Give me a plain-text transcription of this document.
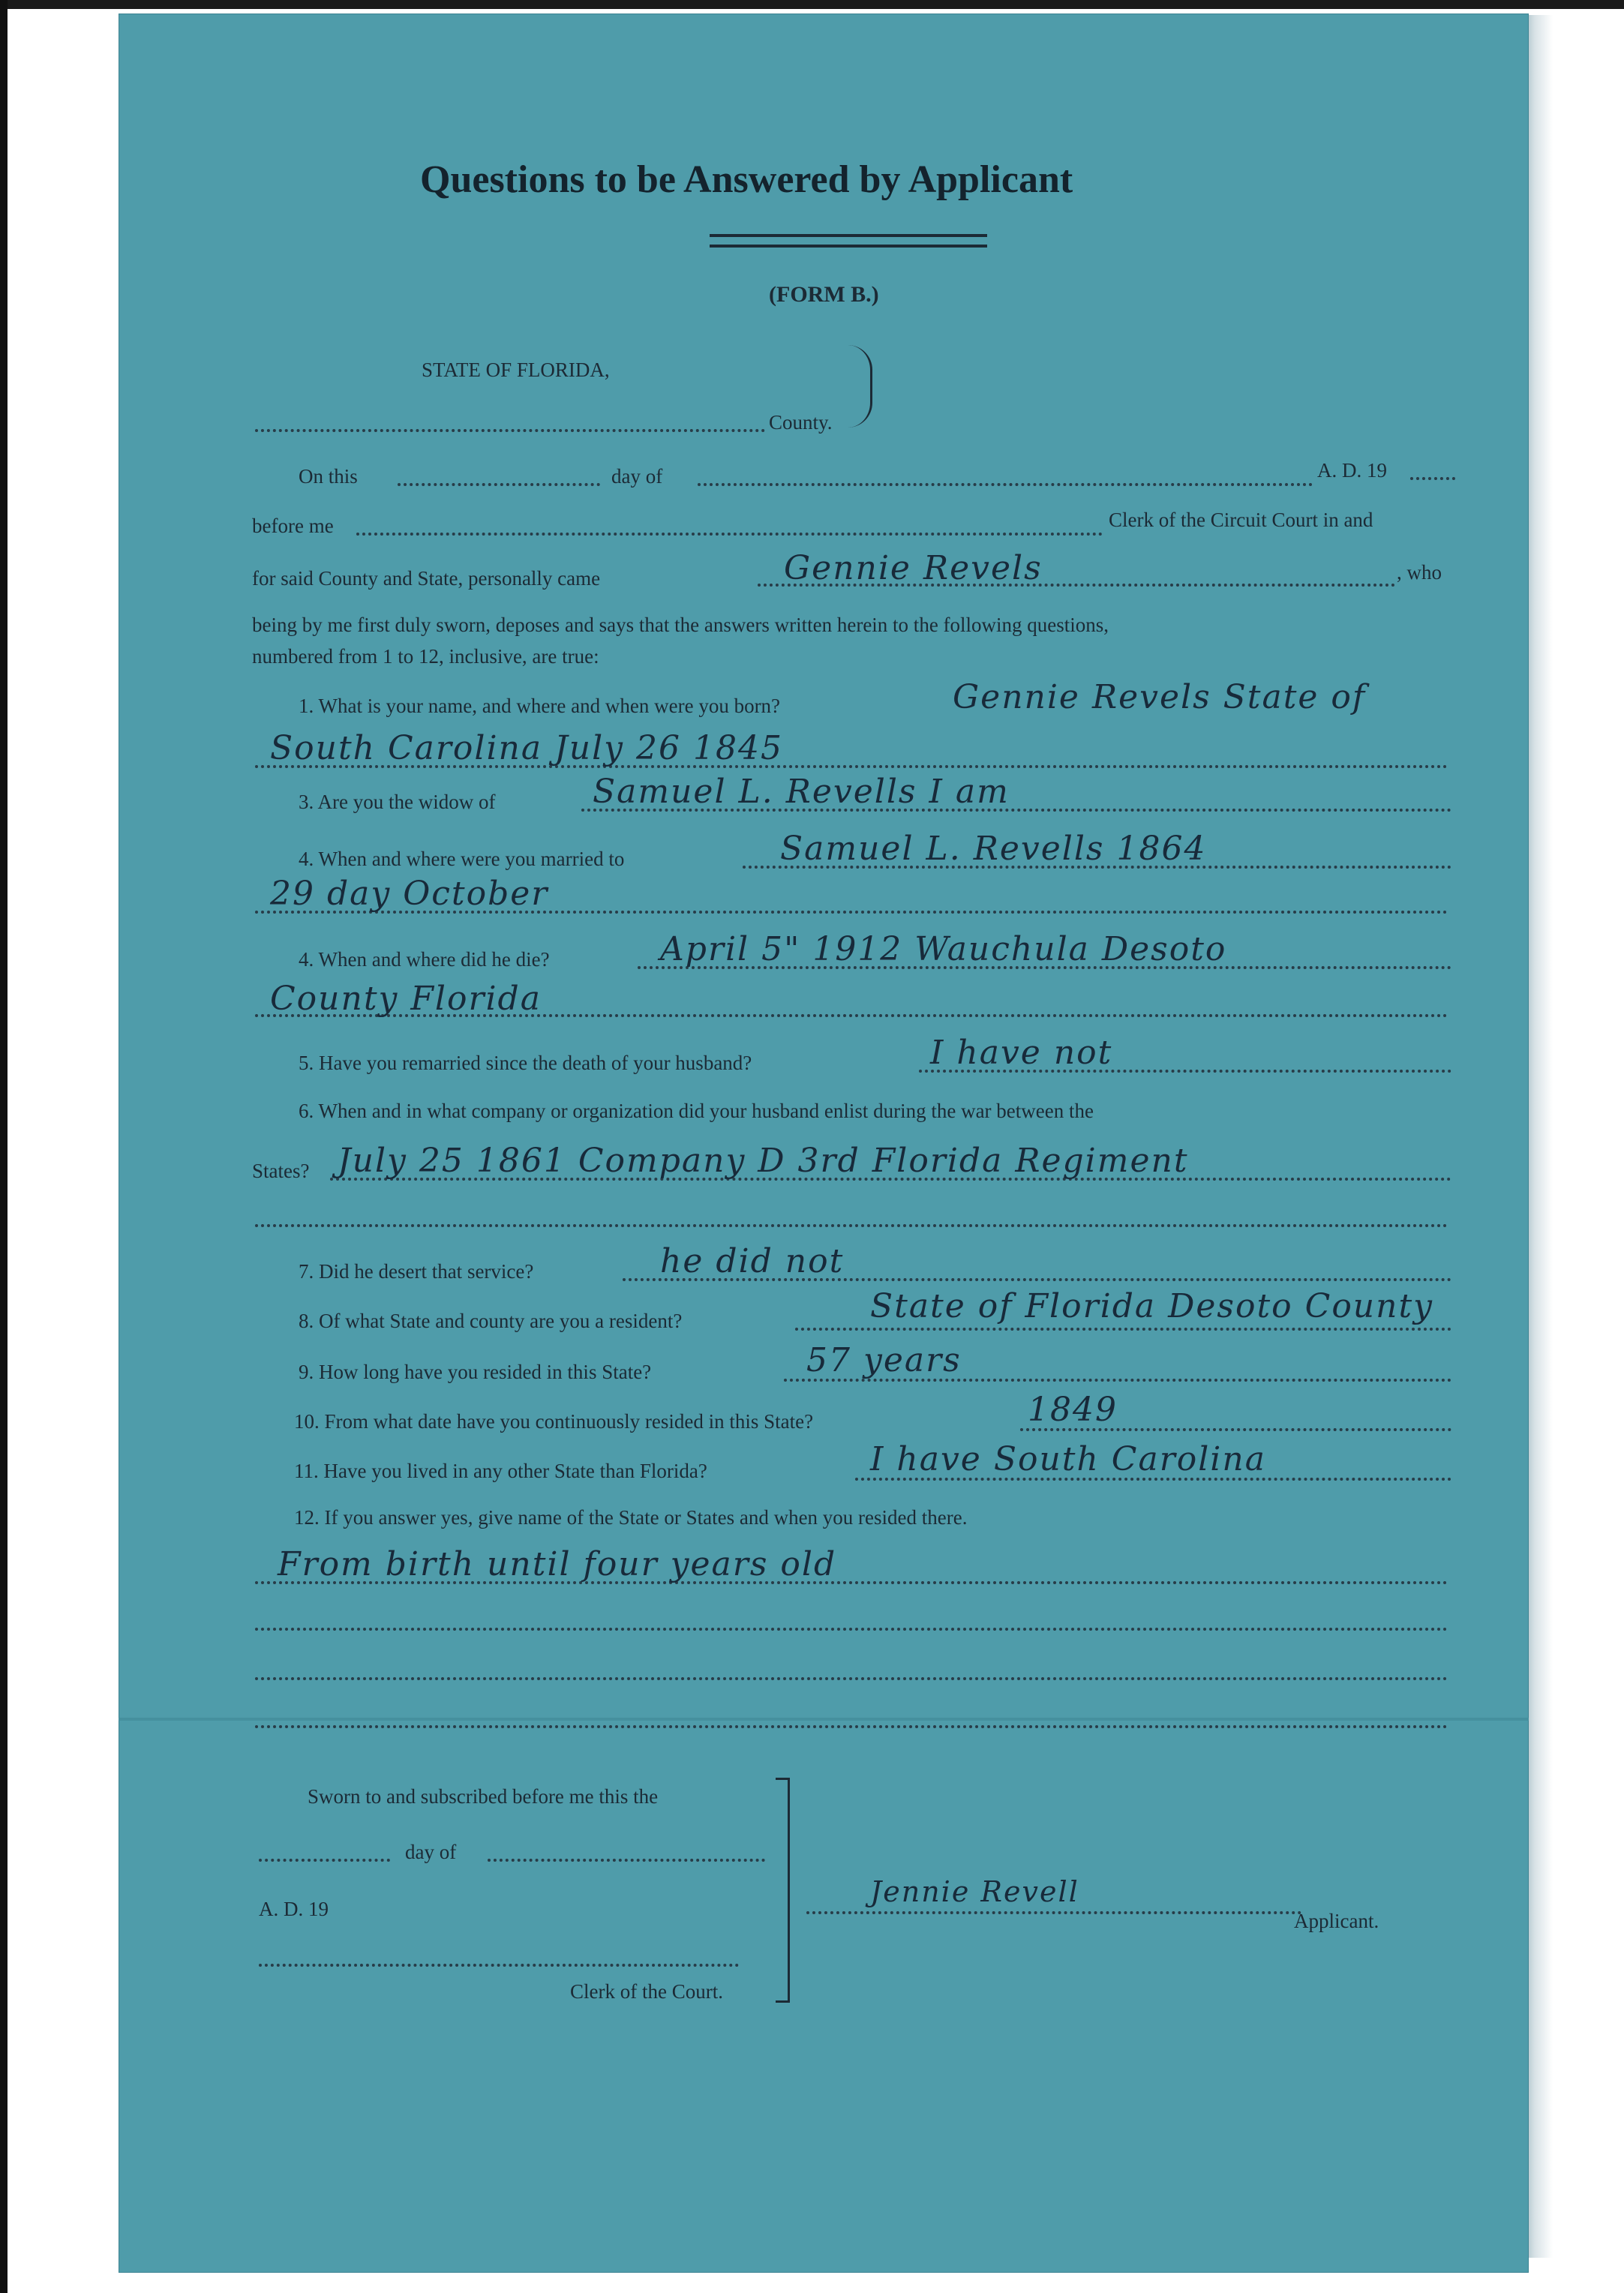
Questions to be Answered by Applicant
(FORM B.)
STATE OF FLORIDA,
County.
On this	day of	A. D. 19
before me	Clerk of the Circuit Court in and
for said County and State, personally came	Gennie Revels	, who
being by me first duly sworn, deposes and says that the answers written herein to the following questions,
numbered from 1 to 12, inclusive, are true:
1. What is your name, and where and when were you born?	Gennie Revels State of
South Carolina July 26 1845
3. Are you the widow of	Samuel L. Revells I am
4. When and where were you married to	Samuel L. Revells 1864
29 day October
4. When and where did he die?	April 5" 1912 Wauchula Desoto
County Florida
5. Have you remarried since the death of your husband?	I have not
6. When and in what company or organization did your husband enlist during the war between the
States? July 25 1861 Company D 3rd Florida Regiment
7. Did he desert that service?	he did not
8. Of what State and county are you a resident?	State of Florida Desoto County
9. How long have you resided in this State?	57 years
10. From what date have you continuously resided in this State?	1849
11. Have you lived in any other State than Florida?	I have South Carolina
12. If you answer yes, give name of the State or States and when you resided there.
From birth until four years old
Sworn to and subscribed before me this the
day of
A. D. 19
Clerk of the Court.
Jennie Revell
Applicant.
